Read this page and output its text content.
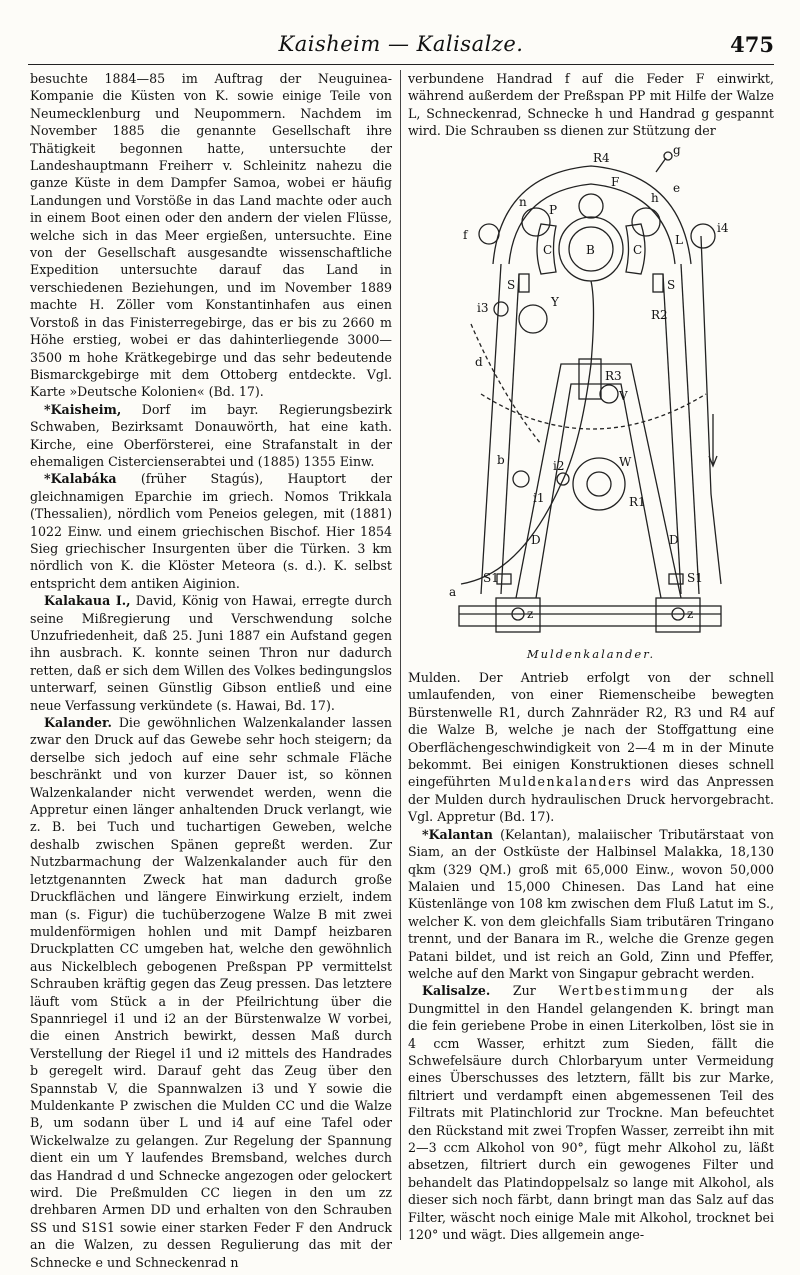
Kaisheim — Kalisalze.	475

besuchte 1884—85 im Auftrag der Neuguinea-Kompanie die Küsten von K. sowie einige Teile von Neumecklenburg und Neupommern. Nachdem im November 1885 die genannte Gesellschaft ihre Thätigkeit begonnen hatte, untersuchte der Landeshauptmann Freiherr v. Schleinitz nahezu die ganze Küste in dem Dampfer Samoa, wobei er häufig Landungen und Vorstöße in das Land machte oder auch in einem Boot einen oder den andern der vielen Flüsse, welche sich in das Meer ergießen, untersuchte. Eine von der Gesellschaft ausgesandte wissenschaftliche Expedition untersuchte darauf das Land in verschiedenen Beziehungen, und im November 1889 machte H. Zöller vom Konstantinhafen aus einen Vorstoß in das Finisterregebirge, das er bis zu 2660 m Höhe erstieg, wobei er das dahinterliegende 3000—3500 m hohe Krätkegebirge und das sehr bedeutende Bismarckgebirge mit dem Ottoberg entdeckte. Vgl. Karte »Deutsche Kolonien« (Bd. 17).

*Kaisheim, Dorf im bayr. Regierungsbezirk Schwaben, Bezirksamt Donauwörth, hat eine kath. Kirche, eine Oberförsterei, eine Strafanstalt in der ehemaligen Cistercienserabtei und (1885) 1355 Einw.

*Kalabáka (früher Stagús), Hauptort der gleichnamigen Eparchie im griech. Nomos Trikkala (Thessalien), nördlich vom Peneios gelegen, mit (1881) 1022 Einw. und einem griechischen Bischof. Hier 1854 Sieg griechischer Insurgenten über die Türken. 3 km nördlich von K. die Klöster Meteora (s. d.). K. selbst entspricht dem antiken Aiginion.

Kalakaua I., David, König von Hawai, erregte durch seine Mißregierung und Verschwendung solche Unzufriedenheit, daß 25. Juni 1887 ein Aufstand gegen ihn ausbrach. K. konnte seinen Thron nur dadurch retten, daß er sich dem Willen des Volkes bedingungslos unterwarf, seinen Günstlig Gibson entließ und eine neue Verfassung verkündete (s. Hawai, Bd. 17).

Kalander. Die gewöhnlichen Walzenkalander lassen zwar den Druck auf das Gewebe sehr hoch steigern; da derselbe sich jedoch auf eine sehr schmale Fläche beschränkt und von kurzer Dauer ist, so können Walzenkalander nicht verwendet werden, wenn die Appretur einen länger anhaltenden Druck verlangt, wie z. B. bei Tuch und tuchartigen Geweben, welche deshalb zwischen Spänen gepreßt werden. Zur Nutzbarmachung der Walzenkalander auch für den letztgenannten Zweck hat man dadurch große Druckflächen und längere Einwirkung erzielt, indem man (s. Figur) die tuchüberzogene Walze B mit zwei muldenförmigen hohlen und mit Dampf heizbaren Druckplatten CC umgeben hat, welche den gewöhnlich aus Nickelblech gebogenen Preßspan PP vermittelst Schrauben kräftig gegen das Zeug pressen. Das letztere läuft vom Stück a in der Pfeilrichtung über die Spannriegel i1 und i2 an der Bürstenwalze W vorbei, die einen Anstrich bewirkt, dessen Maß durch Verstellung der Riegel i1 und i2 mittels des Handrades b geregelt wird. Darauf geht das Zeug über den Spannstab V, die Spannwalzen i3 und Y sowie die Muldenkante P zwischen die Mulden CC und die Walze B, um sodann über L und i4 auf eine Tafel oder Wickelwalze zu gelangen. Zur Regelung der Spannung dient ein um Y laufendes Bremsband, welches durch das Handrad d und Schnecke angezogen oder gelockert wird. Die Preßmulden CC liegen in den um zz drehbaren Armen DD und erhalten von den Schrauben SS und S1S1 sowie einer starken Feder F den Andruck an die Walzen, zu dessen Regulierung das mit der Schnecke e und Schneckenrad n

verbundene Handrad f auf die Feder F einwirkt, während außerdem der Preßspan PP mit Hilfe der Walze L, Schneckenrad, Schnecke h und Handrad g gespannt wird. Die Schrauben ss dienen zur Stützung der

R4
g
F
f
h
n
e
L
i4
P
B
C	C
S	S
i3	Y
R2
d
R3
V
b	i2
i1
W
R1
D	D
a
S1	S1
z	z
Muldenkalander.

Mulden. Der Antrieb erfolgt von der schnell umlaufenden, von einer Riemenscheibe bewegten Bürstenwelle R1, durch Zahnräder R2, R3 und R4 auf die Walze B, welche je nach der Stoffgattung eine Oberflächengeschwindigkeit von 2—4 m in der Minute bekommt. Bei einigen Konstruktionen dieses schnell eingeführten Muldenkalanders wird das Anpressen der Mulden durch hydraulischen Druck hervorgebracht. Vgl. Appretur (Bd. 17).

*Kalantan (Kelantan), malaiischer Tributärstaat von Siam, an der Ostküste der Halbinsel Malakka, 18,130 qkm (329 QM.) groß mit 65,000 Einw., wovon 50,000 Malaien und 15,000 Chinesen. Das Land hat eine Küstenlänge von 108 km zwischen dem Fluß Latut im S., welcher K. von dem gleichfalls Siam tributären Tringano trennt, und der Banara im R., welche die Grenze gegen Patani bildet, und ist reich an Gold, Zinn und Pfeffer, welche auf den Markt von Singapur gebracht werden.

Kalisalze. Zur Wertbestimmung der als Dungmittel in den Handel gelangenden K. bringt man die fein geriebene Probe in einen Literkolben, löst sie in 4 ccm Wasser, erhitzt zum Sieden, fällt die Schwefelsäure durch Chlorbaryum unter Vermeidung eines Überschusses des letztern, fällt bis zur Marke, filtriert und verdampft einen abgemessenen Teil des Filtrats mit Platinchlorid zur Trockne. Man befeuchtet den Rückstand mit zwei Tropfen Wasser, zerreibt ihn mit 2—3 ccm Alkohol von 90°, fügt mehr Alkohol zu, läßt absetzen, filtriert durch ein gewogenes Filter und behandelt das Platindoppelsalz so lange mit Alkohol, als dieser sich noch färbt, dann bringt man das Salz auf das Filter, wäscht noch einige Male mit Alkohol, trocknet bei 120° und wägt. Dies allgemein ange-
